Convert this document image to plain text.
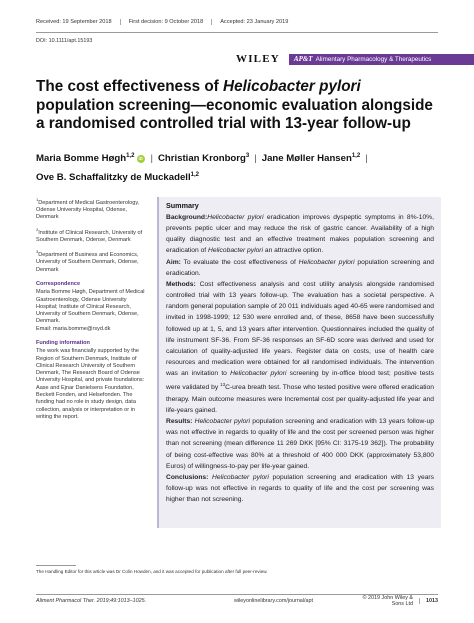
Received: 19 September 2018	First decision: 9 October 2018	Accepted: 23 January 2019
DOI: 10.1111/apt.15193
WILEY AP&T Alimentary Pharmacology & Therapeutics
The cost effectiveness of Helicobacter pylori population screening—economic evaluation alongside a randomised controlled trial with 13-year follow-up
Maria Bomme Høgh$^{1,2}$iD | Christian Kronborg$^3$ | Jane Møller Hansen$^{1,2}$ |
Ove B. Schaffalitzky de Muckadell$^{1,2}$
$^1$Department of Medical Gastroenterology, Odense University Hospital, Odense, Denmark
$^2$Institute of Clinical Research, University of Southern Denmark, Odense, Denmark
$^3$Department of Business and Economics, University of Southern Denmark, Odense, Denmark
Correspondence
Maria Bomme Høgh, Department of Medical Gastroenterology, Odense University Hospital; Institute of Clinical Research, University of Southern Denmark, Odense, Denmark.
Email: maria.bomme@rsyd.dk
Funding information
The work was financially supported by the Region of Southern Denmark, Institute of Clinical Research University of Southern Denmark, The Research Board of Odense University Hospital, and private foundations: Aase and Ejnar Danielsens Foundation, Beckett Fonden, and Helsefonden. The funding had no role in study design, data collection, analysis or interpretation or in writing the report.
Summary

Background:Helicobacter pylori eradication improves dyspeptic symptoms in 8%-10%, prevents peptic ulcer and may reduce the risk of gastric cancer. Availability of a high quality diagnostic test and an effective treatment makes population screening and eradication of Helicobacter pylori an attractive option.

Aim: To evaluate the cost effectiveness of Helicobacter pylori population screening and eradication.

Methods: Cost effectiveness analysis and cost utility analysis alongside randomised controlled trial with 13 years follow-up. The evaluation has a societal perspective. A random general population sample of 20 011 individuals aged 40-65 were randomised and invited in 1998-1999; 12 530 were enrolled and, of these, 8658 have been successfully followed up at 1, 5, and 13 years after intervention. Questionnaires included the quality of life instrument SF-36. From SF-36 responses an SF-6D score was derived and used for calculation of quality-adjusted life years. Register data on costs, use of health care resources and medication were obtained for all randomised individuals. The intervention was an invitation to Helicobacter pylori screening by in-office blood test; positive tests were validated by $^{13}$C-urea breath test. Those who tested positive were offered eradication therapy. Main outcome measures were Incremental cost per quality-adjusted life year and life-years gained.

Results: Helicobacter pylori population screening and eradication with 13 years follow-up was not effective in regards to quality of life and the cost per screened person was higher than not screening (mean difference 11 269 DKK [95% CI: 3175-19 362]). The probability of being cost-effective was 80% at a threshold of 400 000 DKK (approximately 53,800 Euros) of willingness-to-pay per life-year gained.

Conclusions: Helicobacter pylori population screening and eradication with 13 years follow-up was not effective in regards to quality of life and the cost per screening was higher than not screening.

The Handling Editor for this article was Dr Colin Howden, and it was accepted for publication after full peer-review.
Aliment Pharmacol Ther. 2019;49:1013–1025.	wileyonlinelibrary.com/journal/apt	© 2019 John Wiley & Sons Ltd	1013
